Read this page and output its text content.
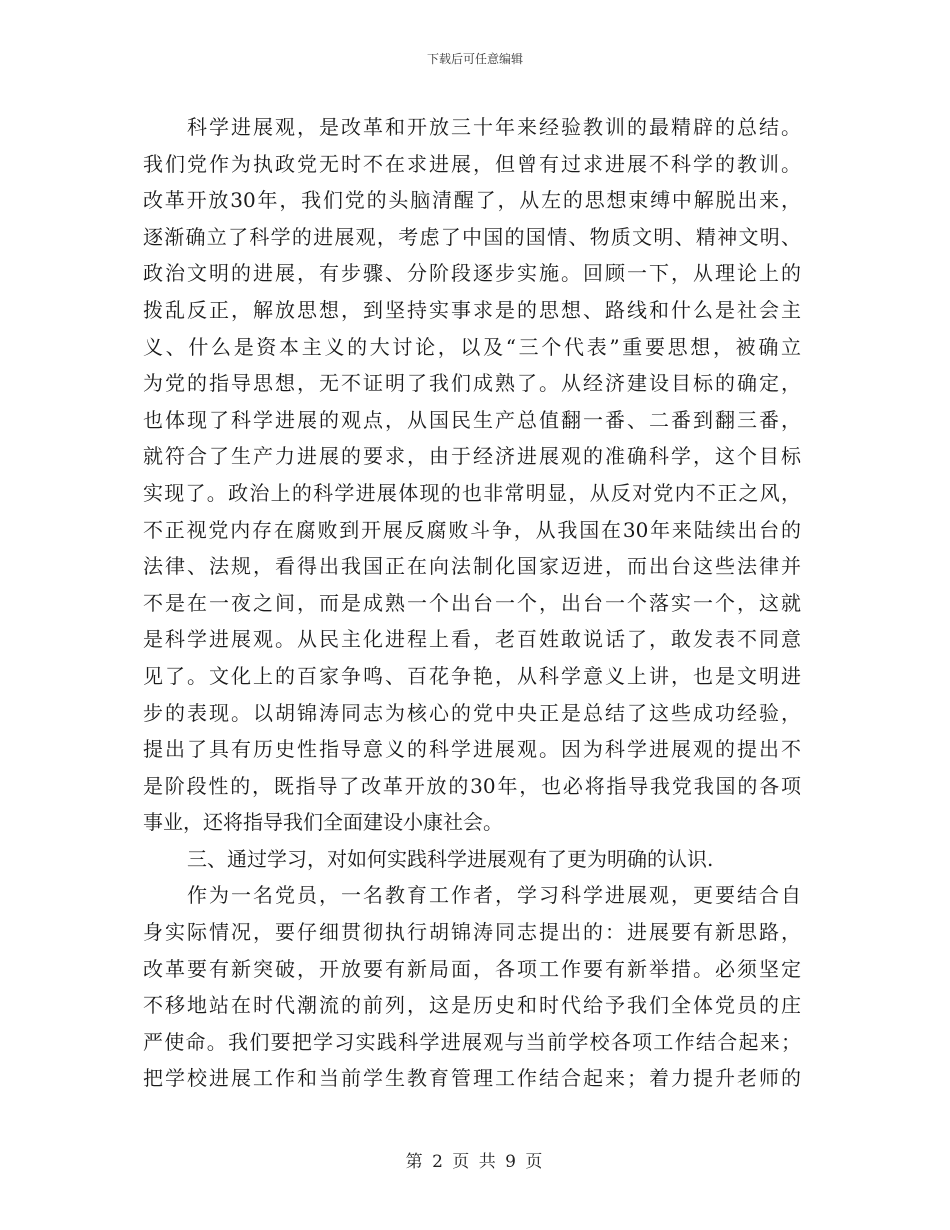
下载后可任意编辑
科学进展观，是改革和开放三十年来经验教训的最精辟的总结。
我们党作为执政党无时不在求进展，但曾有过求进展不科学的教训。
改革开放30年，我们党的头脑清醒了，从左的思想束缚中解脱出来，
逐渐确立了科学的进展观，考虑了中国的国情、物质文明、精神文明、
政治文明的进展，有步骤、分阶段逐步实施。回顾一下，从理论上的
拨乱反正，解放思想，到坚持实事求是的思想、路线和什么是社会主
义、什么是资本主义的大讨论，以及“三个代表”重要思想，被确立
为党的指导思想，无不证明了我们成熟了。从经济建设目标的确定，
也体现了科学进展的观点，从国民生产总值翻一番、二番到翻三番，
就符合了生产力进展的要求，由于经济进展观的准确科学，这个目标
实现了。政治上的科学进展体现的也非常明显，从反对党内不正之风，
不正视党内存在腐败到开展反腐败斗争，从我国在30年来陆续出台的
法律、法规，看得出我国正在向法制化国家迈进，而出台这些法律并
不是在一夜之间，而是成熟一个出台一个，出台一个落实一个，这就
是科学进展观。从民主化进程上看，老百姓敢说话了，敢发表不同意
见了。文化上的百家争鸣、百花争艳，从科学意义上讲，也是文明进
步的表现。以胡锦涛同志为核心的党中央正是总结了这些成功经验，
提出了具有历史性指导意义的科学进展观。因为科学进展观的提出不
是阶段性的，既指导了改革开放的30年，也必将指导我党我国的各项
事业，还将指导我们全面建设小康社会。
三、通过学习，对如何实践科学进展观有了更为明确的认识.
作为一名党员，一名教育工作者，学习科学进展观，更要结合自
身实际情况，要仔细贯彻执行胡锦涛同志提出的：进展要有新思路，
改革要有新突破，开放要有新局面，各项工作要有新举措。必须坚定
不移地站在时代潮流的前列，这是历史和时代给予我们全体党员的庄
严使命。我们要把学习实践科学进展观与当前学校各项工作结合起来；
把学校进展工作和当前学生教育管理工作结合起来；着力提升老师的
第 2 页 共 9 页
